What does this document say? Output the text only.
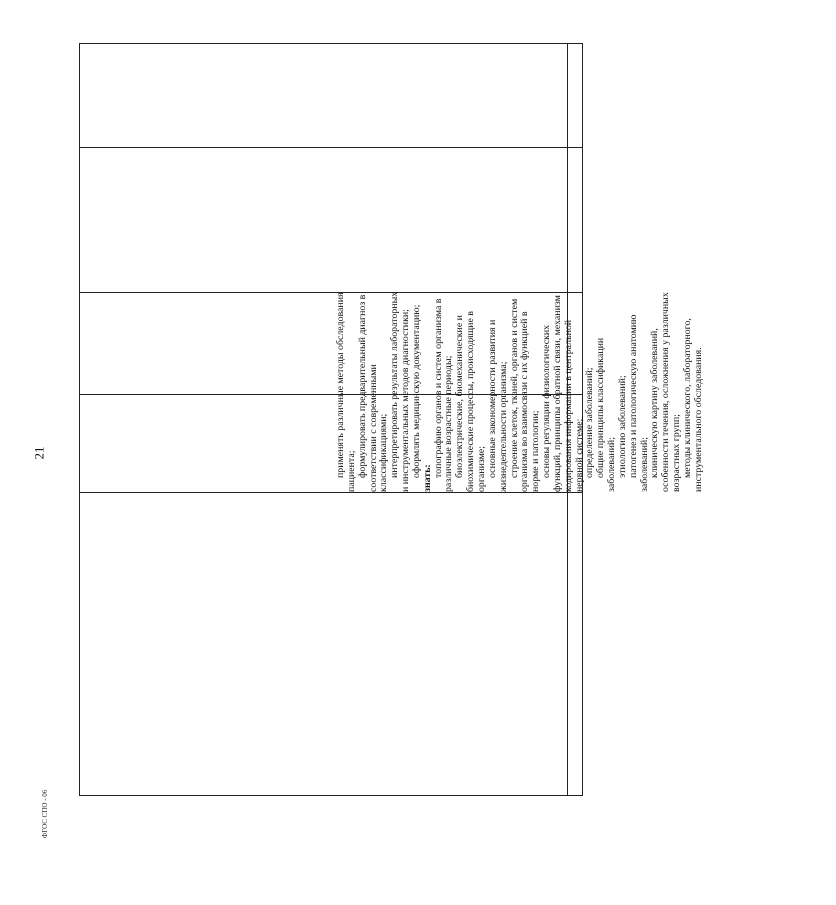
21
ФГОС СПО - 06
применять различные методы обследования пациента; формулировать предварительный диагноз в соответствии с современными классификациями; интерпретировать результаты лабораторных и инструментальных методов диагностики; оформлять медицинскую документацию;
знать:
топографию органов и систем организма в различные возрастные периоды; биоэлектрические, биомеханические и биохимические процессы, происходящие в организме; основные закономерности развития и жизнедеятельности организма; строение клеток, тканей, органов и систем организма во взаимосвязи с их функцией в норме и патологии; основы регуляции физиологических функций, принципы обратной связи, механизм кодирования информации в центральной нервной системе; определение заболеваний; общие принципы классификации заболеваний; этиологию заболеваний; патогенез и патологическую анатомию заболеваний; клиническую картину заболеваний, особенности течения, осложнения у различных возрастных групп; методы клинического, лабораторного, инструментального обследования.
